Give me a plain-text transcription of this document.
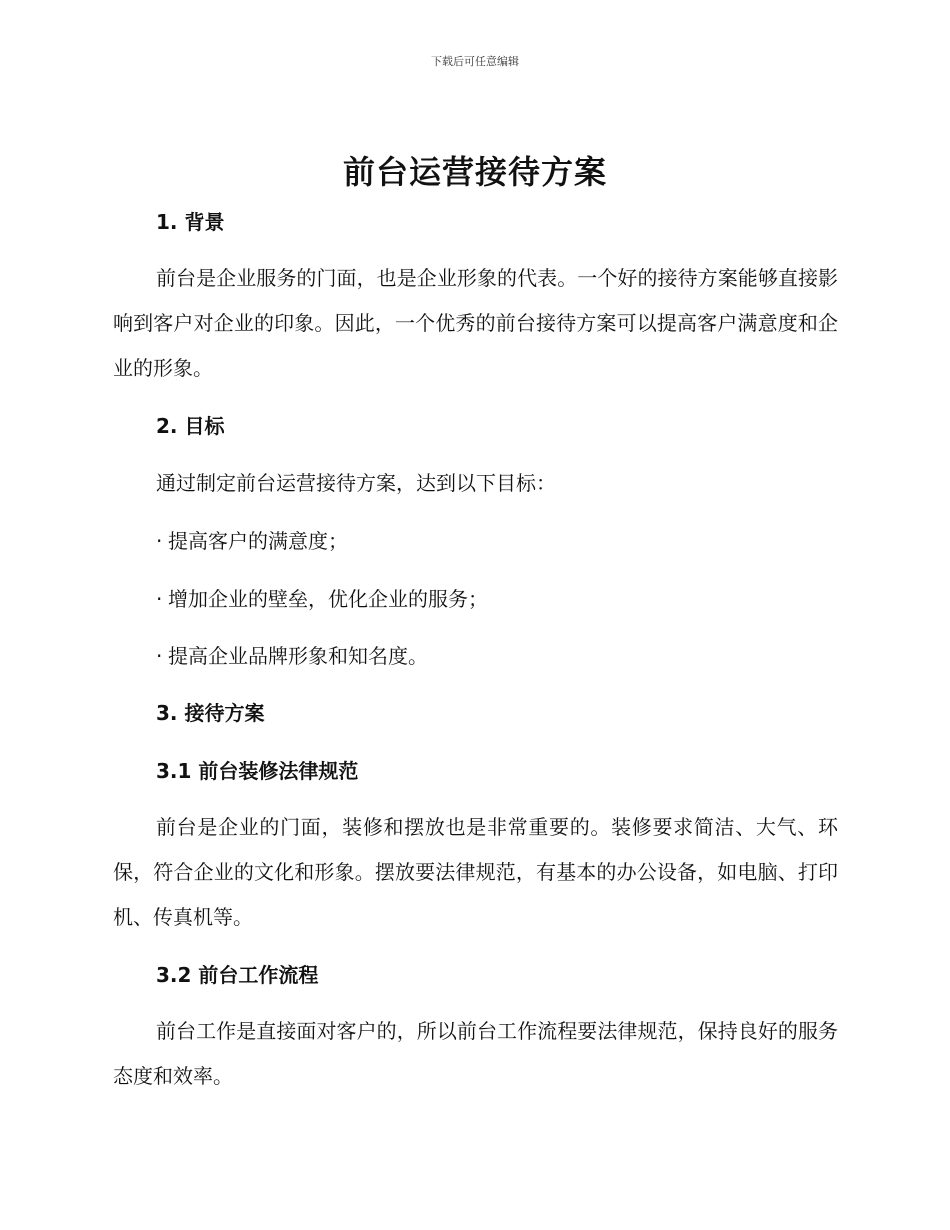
下载后可任意编辑
前台运营接待方案
1. 背景

前台是企业服务的门面，也是企业形象的代表。一个好的接待方案能够直接影响到客户对企业的印象。因此，一个优秀的前台接待方案可以提高客户满意度和企业的形象。

2. 目标

通过制定前台运营接待方案，达到以下目标：

· 提高客户的满意度；
· 增加企业的壁垒，优化企业的服务；
· 提高企业品牌形象和知名度。
3. 接待方案
3.1 前台装修法律规范

前台是企业的门面，装修和摆放也是非常重要的。装修要求简洁、大气、环保，符合企业的文化和形象。摆放要法律规范，有基本的办公设备，如电脑、打印机、传真机等。

3.2 前台工作流程

前台工作是直接面对客户的，所以前台工作流程要法律规范，保持良好的服务态度和效率。
